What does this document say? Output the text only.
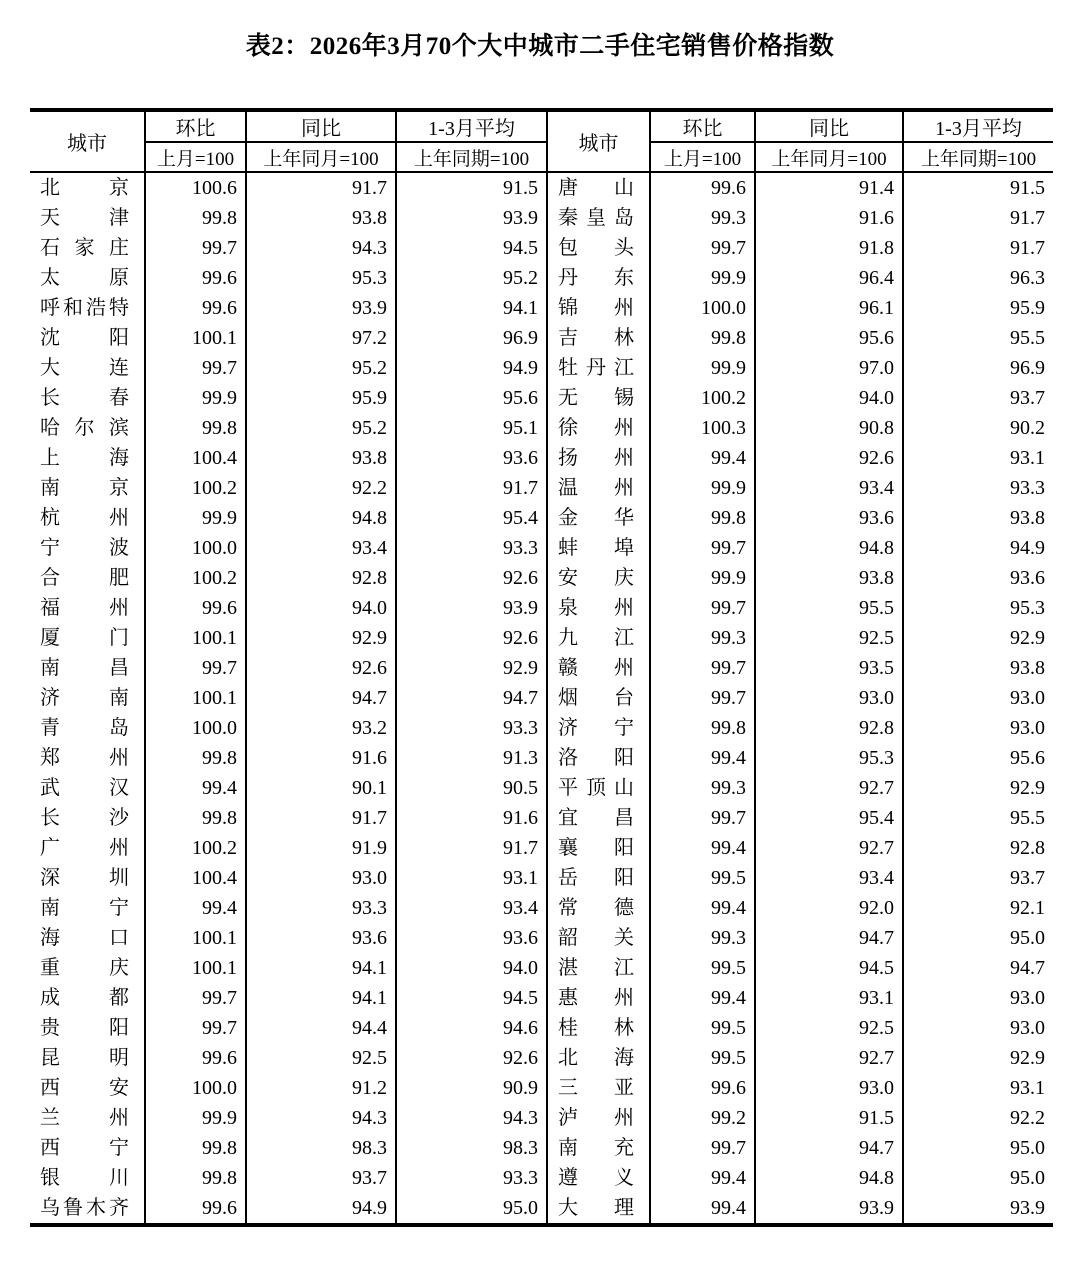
表2：2026年3月70个大中城市二手住宅销售价格指数
城市	环比	同比	1-3月平均	城市	环比	同比	1-3月平均
	上月=100	上年同月=100	上年同期=100		上月=100	上年同月=100	上年同期=100

北 京	100.6	91.7	91.5	唐 山	99.6	91.4	91.5

天 津	99.8	93.8	93.9	秦 皇 岛	99.3	91.6	91.7

石 家 庄	99.7	94.3	94.5	包 头	99.7	91.8	91.7

太 原	99.6	95.3	95.2	丹 东	99.9	96.4	96.3

呼 和 浩 特	99.6	93.9	94.1	锦 州	100.0	96.1	95.9

沈 阳	100.1	97.2	96.9	吉 林	99.8	95.6	95.5

大 连	99.7	95.2	94.9	牡 丹 江	99.9	97.0	96.9

长 春	99.9	95.9	95.6	无 锡	100.2	94.0	93.7

哈 尔 滨	99.8	95.2	95.1	徐 州	100.3	90.8	90.2

上 海	100.4	93.8	93.6	扬 州	99.4	92.6	93.1

南 京	100.2	92.2	91.7	温 州	99.9	93.4	93.3

杭 州	99.9	94.8	95.4	金 华	99.8	93.6	93.8

宁 波	100.0	93.4	93.3	蚌 埠	99.7	94.8	94.9

合 肥	100.2	92.8	92.6	安 庆	99.9	93.8	93.6

福 州	99.6	94.0	93.9	泉 州	99.7	95.5	95.3

厦 门	100.1	92.9	92.6	九 江	99.3	92.5	92.9

南 昌	99.7	92.6	92.9	赣 州	99.7	93.5	93.8

济 南	100.1	94.7	94.7	烟 台	99.7	93.0	93.0

青 岛	100.0	93.2	93.3	济 宁	99.8	92.8	93.0

郑 州	99.8	91.6	91.3	洛 阳	99.4	95.3	95.6

武 汉	99.4	90.1	90.5	平 顶 山	99.3	92.7	92.9

长 沙	99.8	91.7	91.6	宜 昌	99.7	95.4	95.5

广 州	100.2	91.9	91.7	襄 阳	99.4	92.7	92.8

深 圳	100.4	93.0	93.1	岳 阳	99.5	93.4	93.7

南 宁	99.4	93.3	93.4	常 德	99.4	92.0	92.1

海 口	100.1	93.6	93.6	韶 关	99.3	94.7	95.0

重 庆	100.1	94.1	94.0	湛 江	99.5	94.5	94.7

成 都	99.7	94.1	94.5	惠 州	99.4	93.1	93.0

贵 阳	99.7	94.4	94.6	桂 林	99.5	92.5	93.0

昆 明	99.6	92.5	92.6	北 海	99.5	92.7	92.9

西 安	100.0	91.2	90.9	三 亚	99.6	93.0	93.1

兰 州	99.9	94.3	94.3	泸 州	99.2	91.5	92.2

西 宁	99.8	98.3	98.3	南 充	99.7	94.7	95.0

银 川	99.8	93.7	93.3	遵 义	99.4	94.8	95.0

乌 鲁 木 齐	99.6	94.9	95.0	大 理	99.4	93.9	93.9
